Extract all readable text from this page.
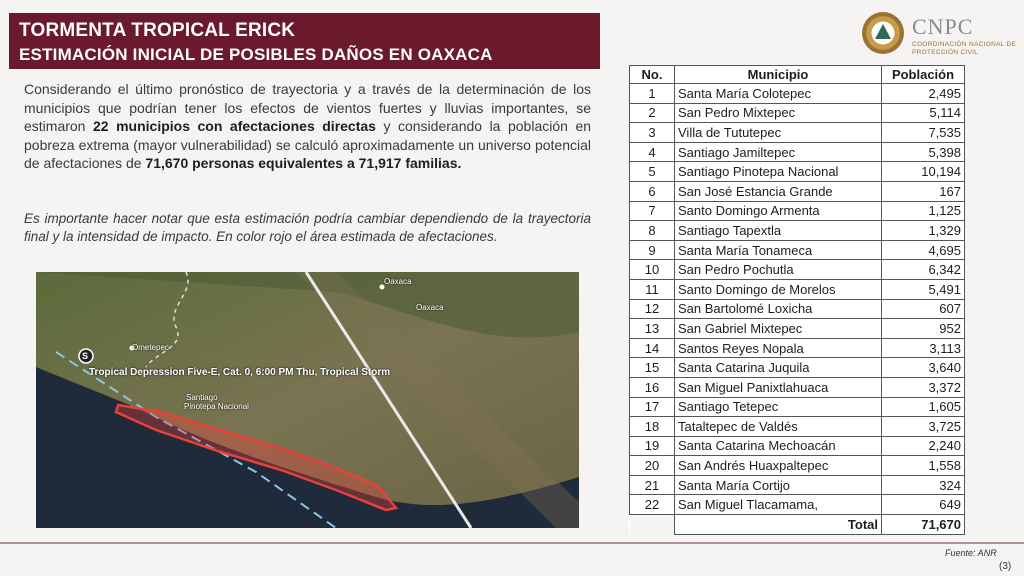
TORMENTA TROPICAL ERICK
ESTIMACIÓN INICIAL DE POSIBLES DAÑOS EN OAXACA
CNPC
COORDINACIÓN NACIONAL DE PROTECCIÓN CIVIL

Considerando el último pronóstico de trayectoria y a través de la determinación de los municipios que podrían tener los efectos de vientos fuertes y lluvias importantes, se estimaron 22 municipios con afectaciones directas y considerando la población en pobreza extrema (mayor vulnerabilidad) se calculó aproximadamente un universo potencial de afectaciones de 71,670 personas equivalentes a 71,917 familias.

Es importante hacer notar que esta estimación podría cambiar dependiendo de la trayectoria final y la intensidad de impacto. En color rojo el área estimada de afectaciones.

Oaxaca
Oaxaca
Ometepec
S
Tropical Depression Five-E, Cat. 0, 6:00 PM Thu, Tropical Storm
Santiago
Pinotepa Nacional
No.	Municipio	Población
1	Santa María Colotepec	2,495
2	San Pedro Mixtepec	5,114
3	Villa de Tututepec	7,535
4	Santiago Jamiltepec	5,398
5	Santiago Pinotepa Nacional	10,194
6	San José Estancia Grande	167
7	Santo Domingo Armenta	1,125
8	Santiago Tapextla	1,329
9	Santa María Tonameca	4,695
10	San Pedro Pochutla	6,342
11	Santo Domingo de Morelos	5,491
12	San Bartolomé Loxicha	607
13	San Gabriel Mixtepec	952
14	Santos Reyes Nopala	3,113
15	Santa Catarina Juquila	3,640
16	San Miguel Panixtlahuaca	3,372
17	Santiago Tetepec	1,605
18	Tataltepec de Valdés	3,725
19	Santa Catarina Mechoacán	2,240
20	San Andrés Huaxpaltepec	1,558
21	Santa María Cortijo	324
22	San Miguel Tlacamama,	649
	Total	71,670
Fuente: ANR
(3)
